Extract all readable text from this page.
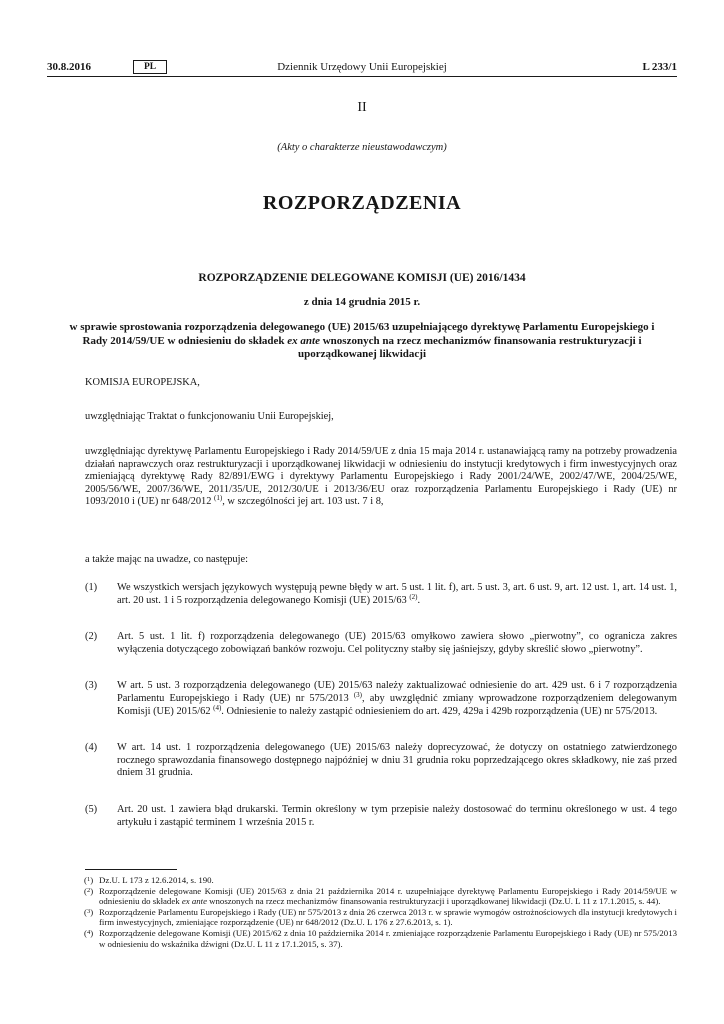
30.8.2016	Dziennik Urzędowy Unii Europejskiej
PL	L 233/1
II
(Akty o charakterze nieustawodawczym)
ROZPORZĄDZENIA
ROZPORZĄDZENIE DELEGOWANE KOMISJI (UE) 2016/1434
z dnia 14 grudnia 2015 r.
w sprawie sprostowania rozporządzenia delegowanego (UE) 2015/63 uzupełniającego dyrektywę Parlamentu Europejskiego i Rady 2014/59/UE w odniesieniu do składek ex ante wnoszonych na rzecz mechanizmów finansowania restrukturyzacji i uporządkowanej likwidacji
KOMISJA EUROPEJSKA,
uwzględniając Traktat o funkcjonowaniu Unii Europejskiej,
uwzględniając dyrektywę Parlamentu Europejskiego i Rady 2014/59/UE z dnia 15 maja 2014 r. ustanawiającą ramy na potrzeby prowadzenia działań naprawczych oraz restrukturyzacji i uporządkowanej likwidacji w odniesieniu do instytucji kredytowych i firm inwestycyjnych oraz zmieniającą dyrektywę Rady 82/891/EWG i dyrektywy Parlamentu Europejskiego i Rady 2001/24/WE, 2002/47/WE, 2004/25/WE, 2005/56/WE, 2007/36/WE, 2011/35/UE, 2012/30/UE i 2013/36/EU oraz rozporządzenia Parlamentu Europejskiego i Rady (UE) nr 1093/2010 i (UE) nr 648/2012 $^{(1)}$, w szczególności jej art. 103 ust. 7 i 8,
a także mając na uwadze, co następuje:
(1) We wszystkich wersjach językowych występują pewne błędy w art. 5 ust. 1 lit. f), art. 5 ust. 3, art. 6 ust. 9, art. 12 ust. 1, art. 14 ust. 1, art. 20 ust. 1 i 5 rozporządzenia delegowanego Komisji (UE) 2015/63 $^{(2)}$.
(2) Art. 5 ust. 1 lit. f) rozporządzenia delegowanego (UE) 2015/63 omyłkowo zawiera słowo „pierwotny”, co ogranicza zakres wyłączenia dotyczącego zobowiązań banków rozwoju. Cel polityczny stałby się jaśniejszy, gdyby skreślić słowo „pierwotny”.
(3) W art. 5 ust. 3 rozporządzenia delegowanego (UE) 2015/63 należy zaktualizować odniesienie do art. 429 ust. 6 i 7 rozporządzenia Parlamentu Europejskiego i Rady (UE) nr 575/2013 $^{(3)}$, aby uwzględnić zmiany wprowadzone rozporządzeniem delegowanym Komisji (UE) 2015/62 $^{(4)}$. Odniesienie to należy zastąpić odniesieniem do art. 429, 429a i 429b rozporządzenia (UE) nr 575/2013.
(4) W art. 14 ust. 1 rozporządzenia delegowanego (UE) 2015/63 należy doprecyzować, że dotyczy on ostatniego zatwierdzonego rocznego sprawozdania finansowego dostępnego najpóźniej w dniu 31 grudnia roku poprzedzającego okres składkowy, nie zaś przed dniem 31 grudnia.
(5) Art. 20 ust. 1 zawiera błąd drukarski. Termin określony w tym przepisie należy dostosować do terminu określonego w ust. 4 tego artykułu i zastąpić terminem 1 września 2015 r.
($^1$) Dz.U. L 173 z 12.6.2014, s. 190.
($^2$) Rozporządzenie delegowane Komisji (UE) 2015/63 z dnia 21 października 2014 r. uzupełniające dyrektywę Parlamentu Europejskiego i Rady 2014/59/UE w odniesieniu do składek ex ante wnoszonych na rzecz mechanizmów finansowania restrukturyzacji i uporządkowanej likwidacji (Dz.U. L 11 z 17.1.2015, s. 44).
($^3$) Rozporządzenie Parlamentu Europejskiego i Rady (UE) nr 575/2013 z dnia 26 czerwca 2013 r. w sprawie wymogów ostrożnościowych dla instytucji kredytowych i firm inwestycyjnych, zmieniające rozporządzenie (UE) nr 648/2012 (Dz.U. L 176 z 27.6.2013, s. 1).
($^4$) Rozporządzenie delegowane Komisji (UE) 2015/62 z dnia 10 października 2014 r. zmieniające rozporządzenie Parlamentu Europejskiego i Rady (UE) nr 575/2013 w odniesieniu do wskaźnika dźwigni (Dz.U. L 11 z 17.1.2015, s. 37).
